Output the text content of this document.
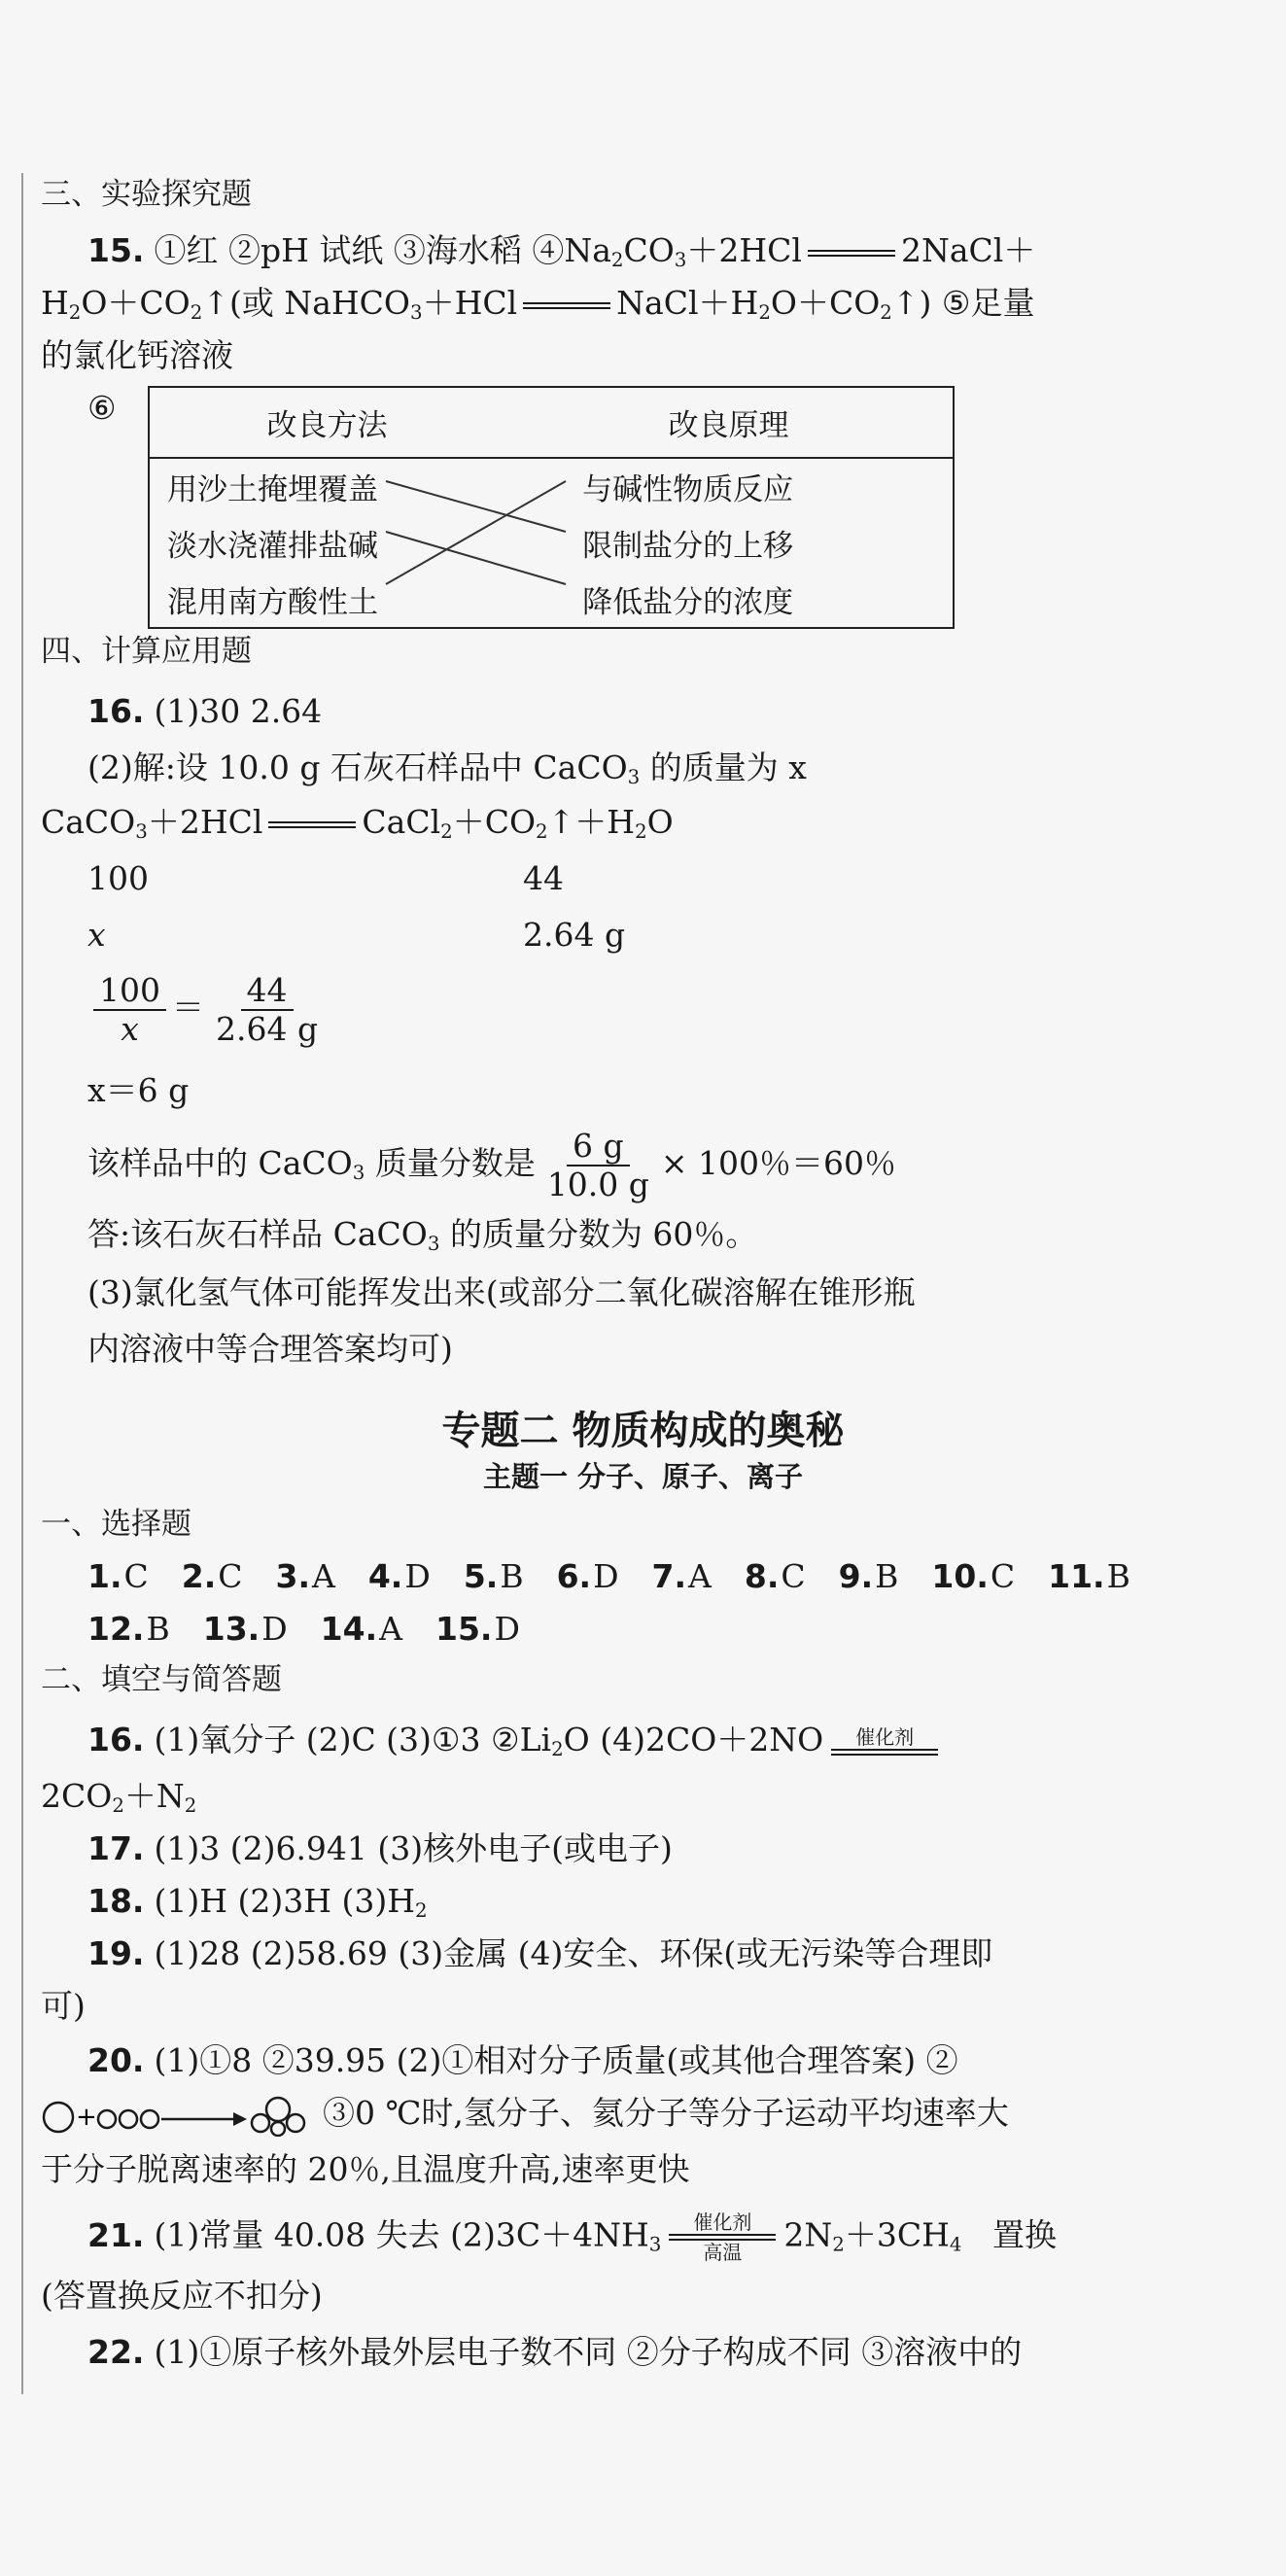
三、实验探究题
15. ①红 ②pH 试纸 ③海水稻 $④Na_2CO_3+2HCl$	2NaCl＋
$H_2O+CO_2↑$(或 NaHCO$_3$＋HCl	$NaCl+H_2O+CO_2↑$) ⑤足量
的氯化钙溶液
⑥	改良方法	改良原理
用沙土掩埋覆盖	与碱性物质反应
淡水浇灌排盐碱	限制盐分的上移
混用南方酸性土	降低盐分的浓度
四、计算应用题
16. (1)30 2.64
(2)解:设 10.0 g 石灰石样品中 CaCO$_3$ 的质量为 x
CaCO$_3$＋2HCl	$CaCl_2+CO_2↑+H_2O$
100	44
x	2.64 g
$\frac{100}{x} = \frac{44}{2.64 g}$
x＝6 g
该样品中的 CaCO$_3$ 质量分数是 $\frac{6 g}{10.0 g} \times 100$％＝60％
答:该石灰石样品 CaCO$_3$ 的质量分数为 60％。
(3)氯化氢气体可能挥发出来(或部分二氧化碳溶解在锥形瓶
内溶液中等合理答案均可)
专题二 物质构成的奥秘
主题一 分子、原子、离子
一、选择题
1.C 2.C 3.A 4.D 5.B 6.D 7.A 8.C 9.B 10.C 11.B
12.B 13.D 14.A 15.D
二、填空与简答题
16. (1)氧分子 (2)C (3)①3 $②Li_2O$ (4)2CO＋2NO 催化剂
$2CO_2+N_2$
17. (1)3 (2)6.941 (3)核外电子(或电子)
18. (1)H (2)3H $(3)H_2$
19. (1)28 (2)58.69 (3)金属 (4)安全、环保(或无污染等合理即
可)
20. (1)①8 ②39.95 (2)①相对分子质量(或其他合理答案) ②
+	③0 ℃时,氢分子、氦分子等分子运动平均速率大
于分子脱离速率的 20％,且温度升高,速率更快
21. (1)常量 40.08 失去 $(2)3C+4NH_3$
催化剂
高温 $2N_2+3CH_4$ 置换
(答置换反应不扣分)
22. (1)①原子核外最外层电子数不同 ②分子构成不同 ③溶液中的
